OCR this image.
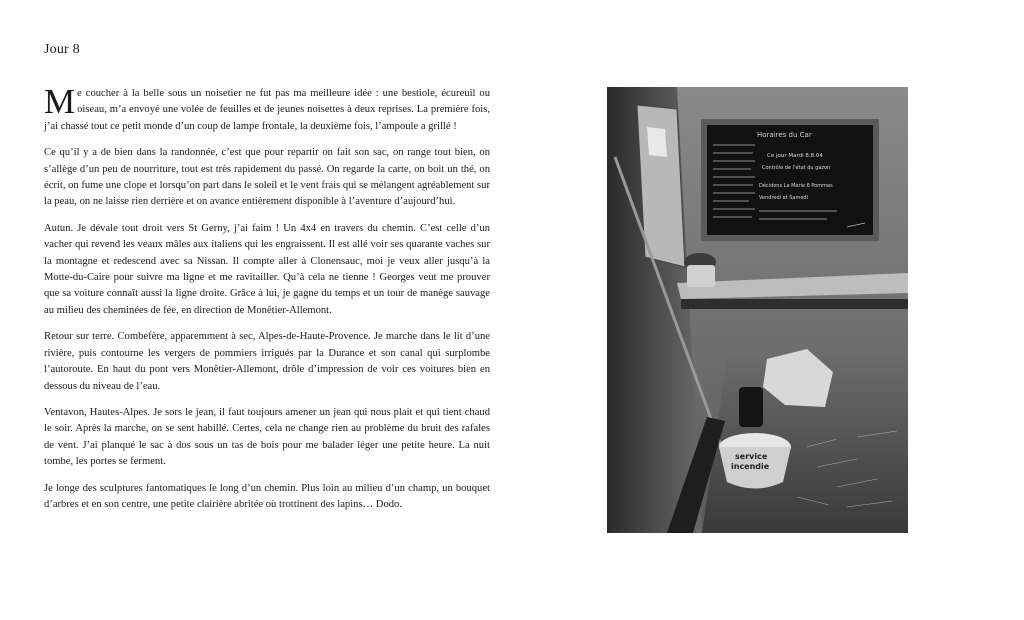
Jour 8

Me coucher à la belle sous un noisetier ne fut pas ma meilleure idée : une bestiole, écureuil ou oiseau, m’a envoyé une volée de feuilles et de jeunes noisettes à deux reprises. La première fois, j’ai chassé tout ce petit monde d’un coup de lampe frontale, la deuxième fois, l’ampoule a grillé !

Ce qu’il y a de bien dans la randonnée, c’est que pour repartir on fait son sac, on range tout bien, on s’allège d’un peu de nourriture, tout est très rapidement du passé. On regarde la carte, on boit un thé, on écrit, on fume une clope et lorsqu’on part dans le soleil et le vent frais qui se mélangent agréablement sur la peau, on ne laisse rien derrière et on avance entièrement disponible à l’aventure d’aujourd’hui.

Autun. Je dévale tout droit vers St Gerny, j’ai faim ! Un 4x4 en travers du chemin. C’est celle d’un vacher qui revend les veaux mâles aux italiens qui les engraissent. Il est allé voir ses quarante vaches sur la montagne et redescend avec sa Nissan. Il compte aller à Clonensauc, moi je veux aller jusqu’à la Motte-du-Caire pour suivre ma ligne et me ravitailler. Qu’à cela ne tienne ! Georges veut me prouver que sa voiture connaît aussi la ligne droite. Grâce à lui, je gagne du temps et un tour de manège sauvage au milieu des cheminées de fée, en direction de Monêtier-Allemont.

Retour sur terre. Combefère, apparemment à sec, Alpes-de-Haute-Provence. Je marche dans le lit d’une rivière, puis contourne les vergers de pommiers irrigués par la Durance et son canal qui surplombe l’autoroute. En haut du pont vers Monêtier-Allemont, drôle d’impression de voir ces voitures bien en dessous du niveau de l’eau.

Ventavon, Hautes-Alpes. Je sors le jean, il faut toujours amener un jean qui nous plait et qui tient chaud le soir. Après la marche, on se sent habillé. Certes, cela ne change rien au problème du bruit des rafales de vent. J’ai planqué le sac à dos sous un tas de bois pour me balader léger une petite heure. La nuit tombe, les portes se ferment.

Je longe des sculptures fantomatiques le long d’un chemin. Plus loin au milieu d’un champ, un bouquet d’arbres et en son centre, une petite clairière abritée où trottinent des lapins… Dodo.

Horaires du Car
Ce jour Mardi 8.8.04
Contrôle de l’état du gazon
Décidons La Marie 6 Pommes
Vendredi et Samedi
service
incendie
